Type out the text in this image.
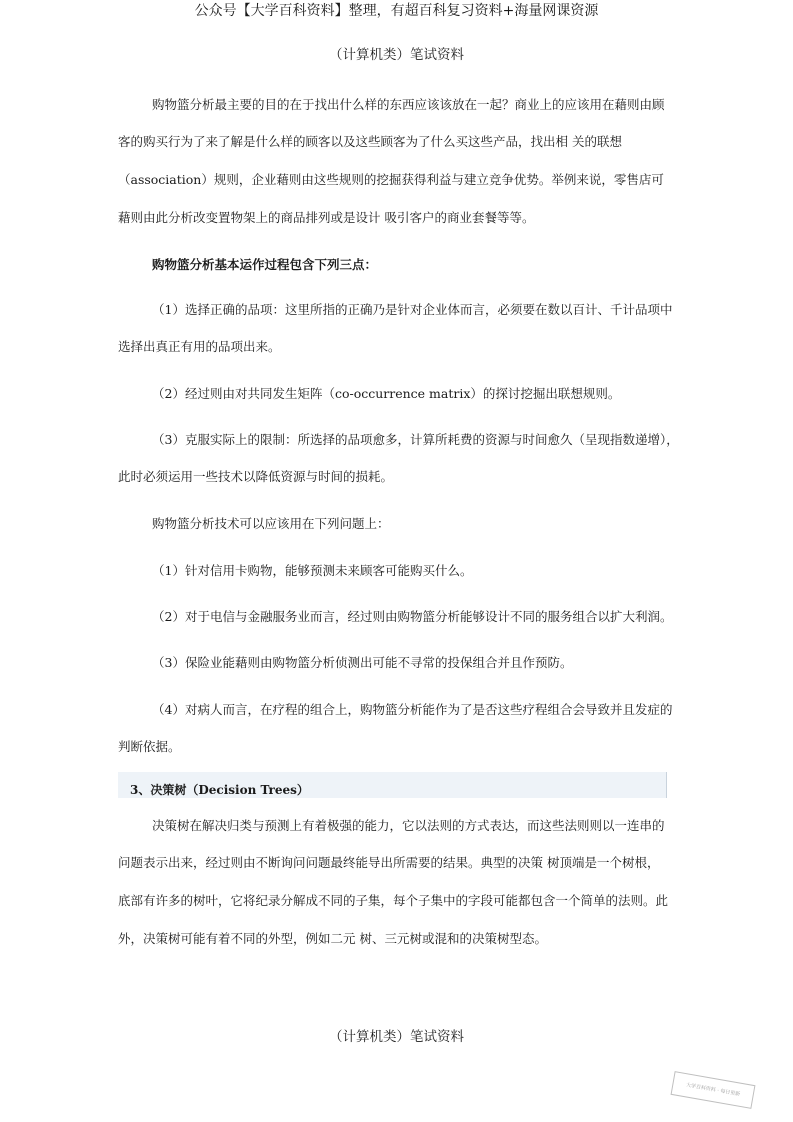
公众号【大学百科资料】整理，有超百科复习资料+海量网课资源
（计算机类）笔试资料
购物篮分析最主要的目的在于找出什么样的东西应该该放在一起？商业上的应该用在藉则由顾
客的购买行为了来了解是什么样的顾客以及这些顾客为了什么买这些产品，找出相 关的联想
（association）规则，企业藉则由这些规则的挖掘获得利益与建立竞争优势。举例来说，零售店可
藉则由此分析改变置物架上的商品排列或是设计 吸引客户的商业套餐等等。
购物篮分析基本运作过程包含下列三点：
（1）选择正确的品项：这里所指的正确乃是针对企业体而言，必须要在数以百计、千计品项中
选择出真正有用的品项出来。
（2）经过则由对共同发生矩阵（co-occurrence matrix）的探讨挖掘出联想规则。
（3）克服实际上的限制：所选择的品项愈多，计算所耗费的资源与时间愈久（呈现指数递增），
此时必须运用一些技术以降低资源与时间的损耗。
购物篮分析技术可以应该用在下列问题上：
（1）针对信用卡购物，能够预测未来顾客可能购买什么。
（2）对于电信与金融服务业而言，经过则由购物篮分析能够设计不同的服务组合以扩大利润。
（3）保险业能藉则由购物篮分析侦测出可能不寻常的投保组合并且作预防。
（4）对病人而言，在疗程的组合上，购物篮分析能作为了是否这些疗程组合会导致并且发症的
判断依据。
3、决策树（Decision Trees）
决策树在解决归类与预测上有着极强的能力，它以法则的方式表达，而这些法则则以一连串的
问题表示出来，经过则由不断询问问题最终能导出所需要的结果。典型的决策 树顶端是一个树根，
底部有许多的树叶，它将纪录分解成不同的子集，每个子集中的字段可能都包含一个简单的法则。此
外，决策树可能有着不同的外型，例如二元 树、三元树或混和的决策树型态。
（计算机类）笔试资料
大学百科资料 · 每日更新
